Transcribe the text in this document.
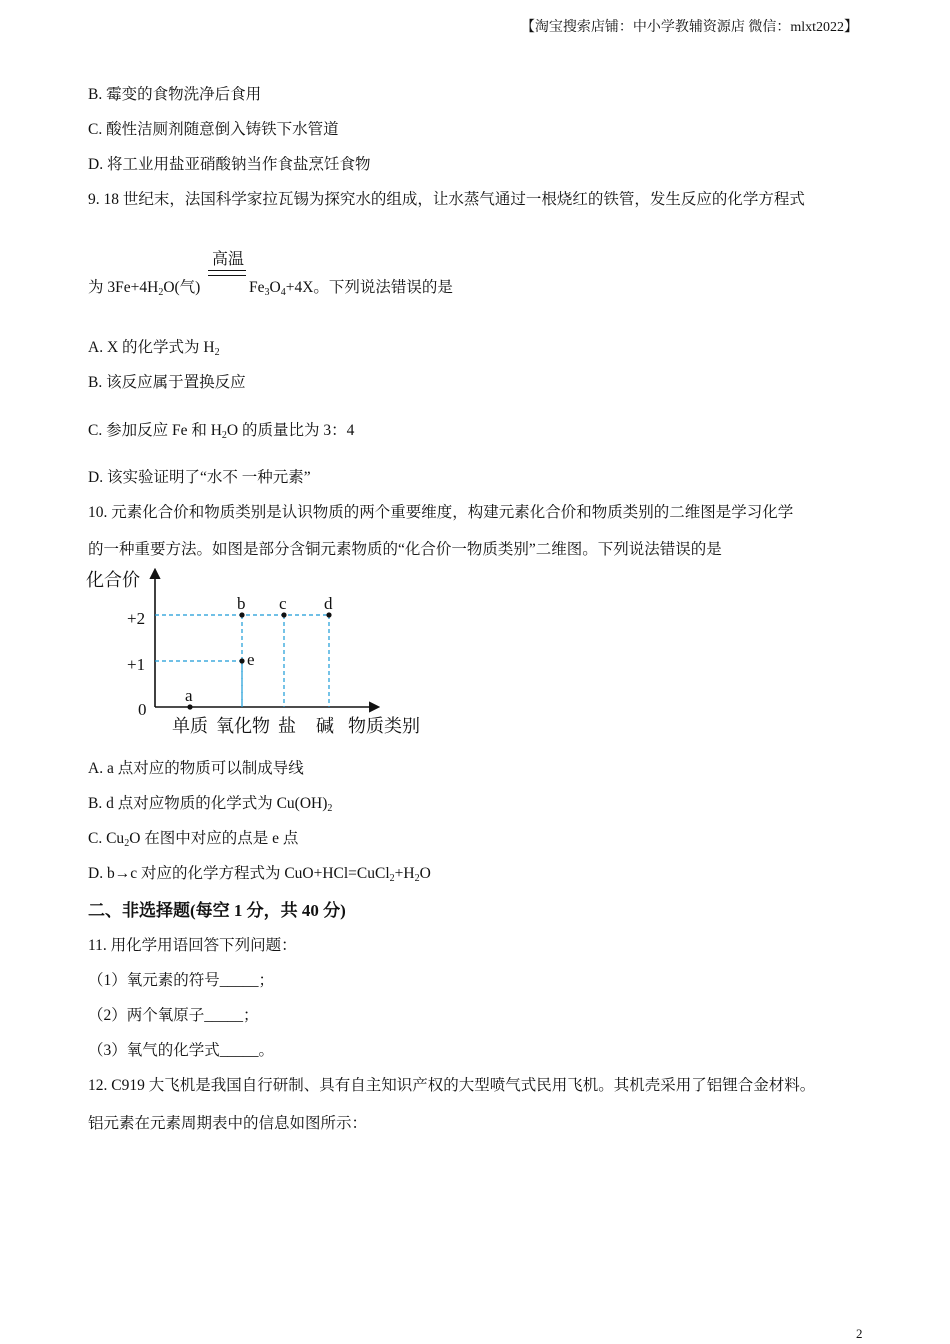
【淘宝搜索店铺：中小学教辅资源店 微信：mlxt2022】
B. 霉变的食物洗净后食用
C. 酸性洁厕剂随意倒入铸铁下水管道
D. 将工业用盐亚硝酸钠当作食盐烹饪食物
9. 18 世纪末，法国科学家拉瓦锡为探究水的组成，让水蒸气通过一根烧红的铁管，发生反应的化学方程式
高温
为 $3Fe+4H_2O$(气)	$Fe_3O_4+4X$。下列说法错误的是
A. X 的化学式为 $H_2$
B. 该反应属于置换反应
C. 参加反应 Fe 和 $H_2O$ 的质量比为 3：4
D. 该实验证明了“水不 一种元素”
10. 元素化合价和物质类别是认识物质的两个重要维度，构建元素化合价和物质类别的二维图是学习化学
的一种重要方法。如图是部分含铜元素物质的“化合价一物质类别”二维图。下列说法错误的是
化合价
物质类别
+2
+1
0
单质 氧化物 盐 碱
a
b c d
e
A. a 点对应的物质可以制成导线
B. d 点对应物质的化学式为 $Cu(OH)_2$
C. $Cu_2O$ 在图中对应的点是 e 点
D. b→c 对应的化学方程式为 $CuO+HCl=CuCl_2+H_2O$
二、非选择题(每空 1 分，共 40 分)
11. 用化学用语回答下列问题：
（1）氧元素的符号_____；
（2）两个氧原子_____；
（3）氧气的化学式_____。
12. C919 大飞机是我国自行研制、具有自主知识产权的大型喷气式民用飞机。其机壳采用了铝锂合金材料。
铝元素在元素周期表中的信息如图所示：
2
